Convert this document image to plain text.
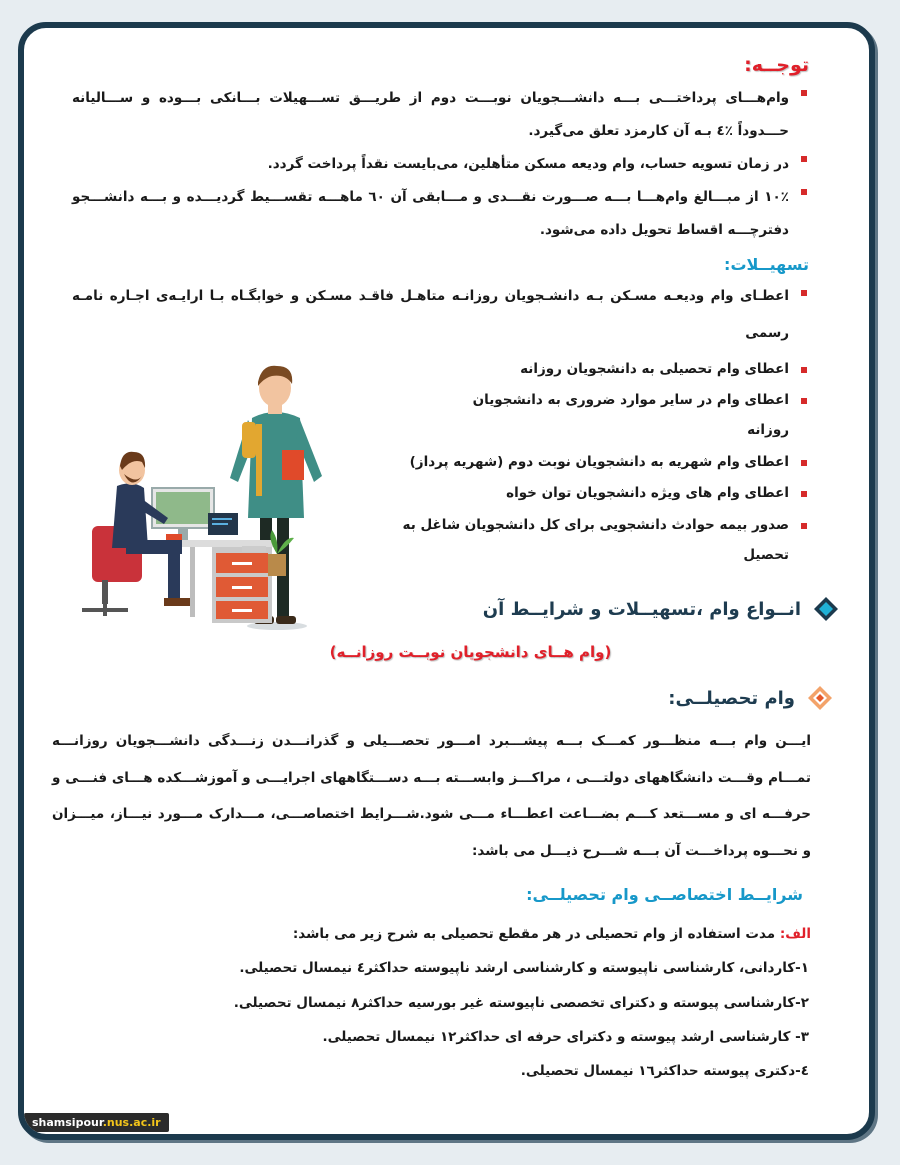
توجــه:
وام‌هـــای پرداختـــی بـــه دانشـــجویان نوبـــت دوم از طریـــق تســـهیلات بـــانکی بـــوده و ســـالیانه حـــدوداً ٪٤ بـه آن کارمزد تعلق می‌گیرد.
در زمان تسویه حساب، وام ودیعه مسکن متأهلین، می‌بایست نقداً پرداخت گردد.
٪١٠ از مبـــالغ وام‌هـــا بـــه صـــورت نقـــدی و مـــابقی آن ٦٠ ماهـــه تقســـیط گردیـــده و بـــه دانشـــجو دفترچـــه اقساط تحویل داده می‌شود.
تسهیــلات:
اعطـای وام ودیعـه مسـکن بـه دانشـجویان روزانـه متاهـل فاقـد مسـکن و خوابگـاه بـا ارایـه‌ی اجـاره نامـه رسمی
اعطای وام تحصیلی به دانشجویان روزانه
اعطای وام در سایر موارد ضروری به دانشجویان روزانه
اعطای وام شهریه به دانشجویان نوبت دوم (شهریه پرداز)
اعطای وام های ویژه دانشجویان توان خواه
صدور بیمه حوادث دانشجویی برای کل دانشجویان شاغل به تحصیل
انــواع وام ،تسهیــلات و شرایــط آن
(وام هــای دانشجویان نوبــت روزانــه)
وام تحصیلــی:

ایـــن وام بـــه منظـــور کمـــک بـــه پیشـــبرد امـــور تحصـــیلی و گذرانـــدن زنـــدگی دانشـــجویان روزانـــه تمـــام وقـــت دانشگاههای دولتـــی ، مراکـــز وابســـته بـــه دســـتگاههای اجرایـــی و آموزشـــکده هـــای فنـــی و حرفـــه ای و مســـتعد کـــم بضـــاعت اعطـــاء مـــی شود.شـــرایط اختصاصـــی، مـــدارک مـــورد نیـــاز، میـــزان و نحـــوه پرداخـــت آن بـــه شـــرح ذیـــل می باشد:

شرایــط اختصاصــی وام تحصیلــی:
الف: مدت استفاده از وام تحصیلی در هر مقطع تحصیلی به شرح زیر می باشد:
١-کاردانی، کارشناسی ناپیوسته و کارشناسی ارشد ناپیوسته حداکثر٤ نیمسال تحصیلی.
٢-کارشناسی پیوسته و دکترای تخصصی ناپیوسته غیر بورسیه حداکثر٨ نیمسال تحصیلی.
٣- کارشناسی ارشد پیوسته و دکترای حرفه ای حداکثر١٢ نیمسال تحصیلی.
٤-دکتری پیوسته حداکثر١٦ نیمسال تحصیلی.
shamsipour.nus.ac.ir
